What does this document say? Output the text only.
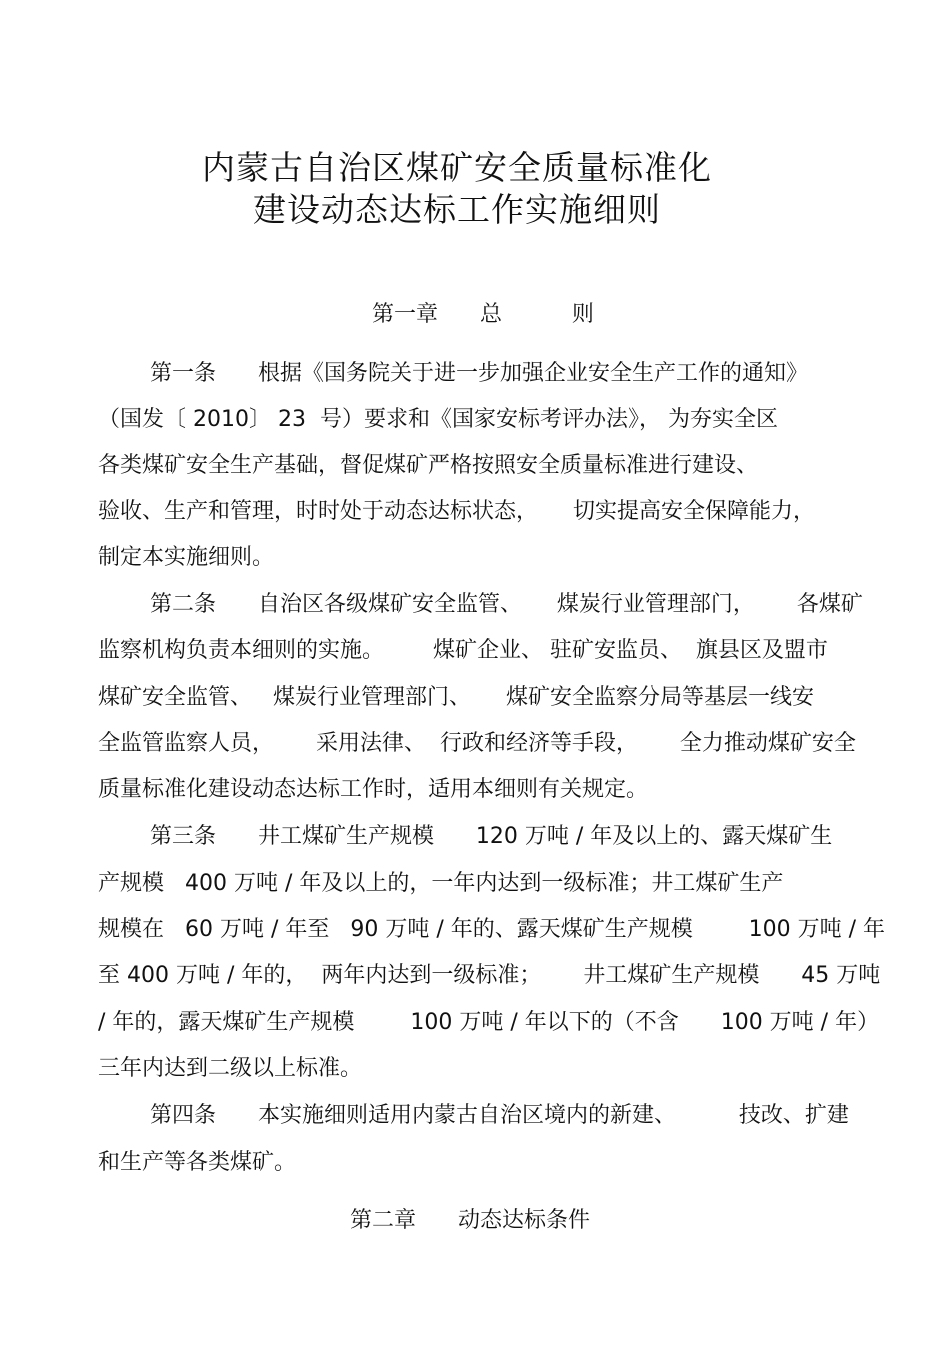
内蒙古自治区煤矿安全质量标准化
建设动态达标工作实施细则
第一章      总          则
第一条      根据《国务院关于进一步加强企业安全生产工作的通知》
（国发〔 2010〕 23  号）要求和《国家安标考评办法》， 为夯实全区
各类煤矿安全生产基础，督促煤矿严格按照安全质量标准进行建设、
验收、生产和管理，时时处于动态达标状态，     切实提高安全保障能力，
制定本实施细则。
第二条      自治区各级煤矿安全监管、     煤炭行业管理部门，      各煤矿
监察机构负责本细则的实施。       煤矿企业、 驻矿安监员、  旗县区及盟市
煤矿安全监管、   煤炭行业管理部门、     煤矿安全监察分局等基层一线安
全监管监察人员，      采用法律、  行政和经济等手段，      全力推动煤矿安全
质量标准化建设动态达标工作时，适用本细则有关规定。
第三条      井工煤矿生产规模      120 万吨 / 年及以上的、露天煤矿生
产规模   400 万吨 / 年及以上的，一年内达到一级标准；井工煤矿生产
规模在   60 万吨 / 年至   90 万吨 / 年的、露天煤矿生产规模        100 万吨 / 年
至 400 万吨 / 年的，  两年内达到一级标准；      井工煤矿生产规模      45 万吨
/ 年的，露天煤矿生产规模        100 万吨 / 年以下的（不含      100 万吨 / 年）
三年内达到二级以上标准。
第四条      本实施细则适用内蒙古自治区境内的新建、         技改、扩建
和生产等各类煤矿。
第二章      动态达标条件
